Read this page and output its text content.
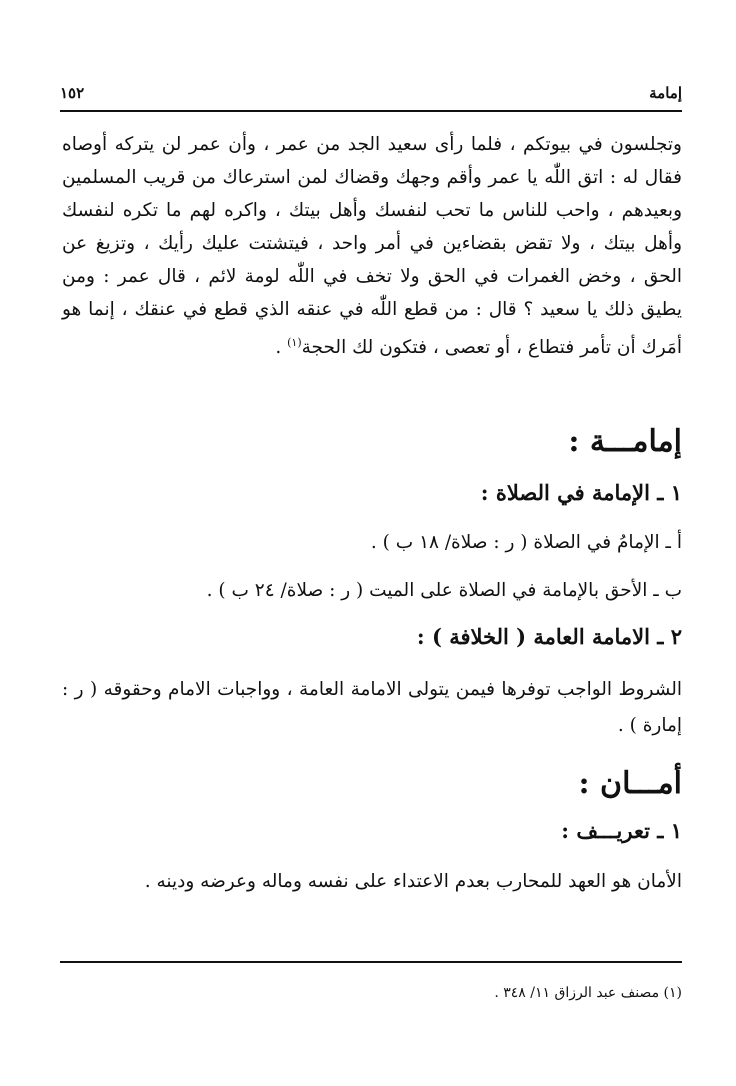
إمامة
١٥٢

وتجلسون في بيوتكم ، فلما رأى سعيد الجد من عمر ، وأن عمر لن يتركه أوصاه فقال له : اتق اللّٰه يا عمر وأقم وجهك وقضاك لمن استرعاك من قريب المسلمين وبعيدهم ، واحب للناس ما تحب لنفسك وأهل بيتك ، واكره لهم ما تكره لنفسك وأهل بيتك ، ولا تقض بقضاءين في أمر واحد ، فيتشتت عليك رأيك ، وتزيغ عن الحق ، وخض الغمرات في الحق ولا تخف في اللّٰه لومة لائم ، قال عمر : ومن يطيق ذلك يا سعيد ؟ قال : من قطع اللّٰه في عنقه الذي قطع في عنقك ، إنما هو أمَرك أن تأمر فتطاع ، أو تعصى ، فتكون لك الحجة$^{(١)}$ .

إمامـــة :
١ ـ الإمامة في الصلاة :
أ ـ الإمامُ في الصلاة ( ر : صلاة/ ١٨ ب ) .
ب ـ الأحق بالإمامة في الصلاة على الميت ( ر : صلاة/ ٢٤ ب ) .
٢ ـ الامامة العامة ( الخلافة ) :
الشروط الواجب توفرها فيمن يتولى الامامة العامة ، وواجبات الامام وحقوقه ( ر : إمارة ) .
أمـــان :
١ ـ تعريـــف :
الأمان هو العهد للمحارب بعدم الاعتداء على نفسه وماله وعرضه ودينه .
(١) مصنف عبد الرزاق ١١/ ٣٤٨ .
